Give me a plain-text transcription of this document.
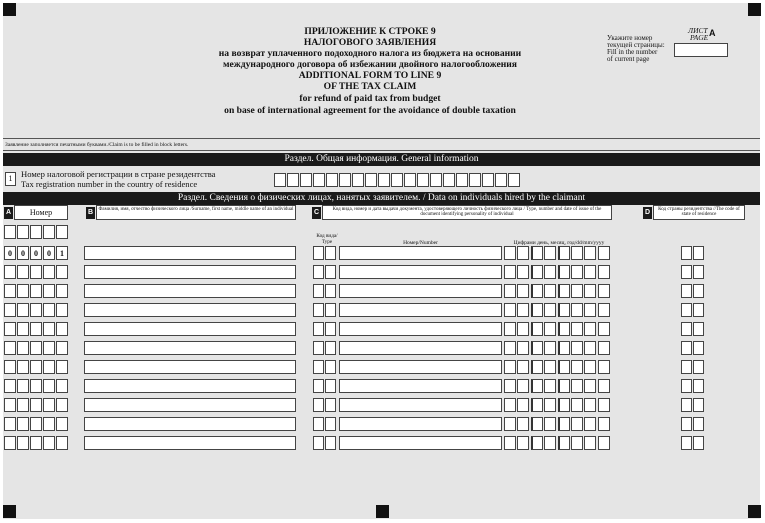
ПРИЛОЖЕНИЕ К СТРОКЕ 9
НАЛОГОВОГО ЗАЯВЛЕНИЯ
на возврат уплаченного подоходного налога из бюджета на основании
международного договора об избежании двойного налогообложения
ADDITIONAL FORM TO LINE 9
OF THE TAX CLAIM
for refund of paid tax from budget
on base of international agreement for the avoidance of double taxation
Укажите номер
текущей страницы:
Fill in the number
of current page
ЛИСТ
PAGE A
Заявление заполняется печатными буквами./Claim is to be filled in block letters.
Раздел. Общая информация. General information
1 Номер налоговой регистрации в стране резидентства
Tax registration number in the country of residence
Раздел. Сведения о физических лицах, нанятых заявителем. / Data on individuals hired by the claimant
A	Номер	B	Фамилия, имя, отчество физического лица /Surname, first name, middle name of an individual	C	Код вида, номер и дата выдачи документа, удостоверяющего личность физического лица / Type, number and date of issue of the document identifying personality of individual	D	Код страны резидентства //The code of state of residence
Код вида/ Type	Номер/Number	Цифрами день, месяц, год/dd/mm/yyyy
0	0	0	0	1
